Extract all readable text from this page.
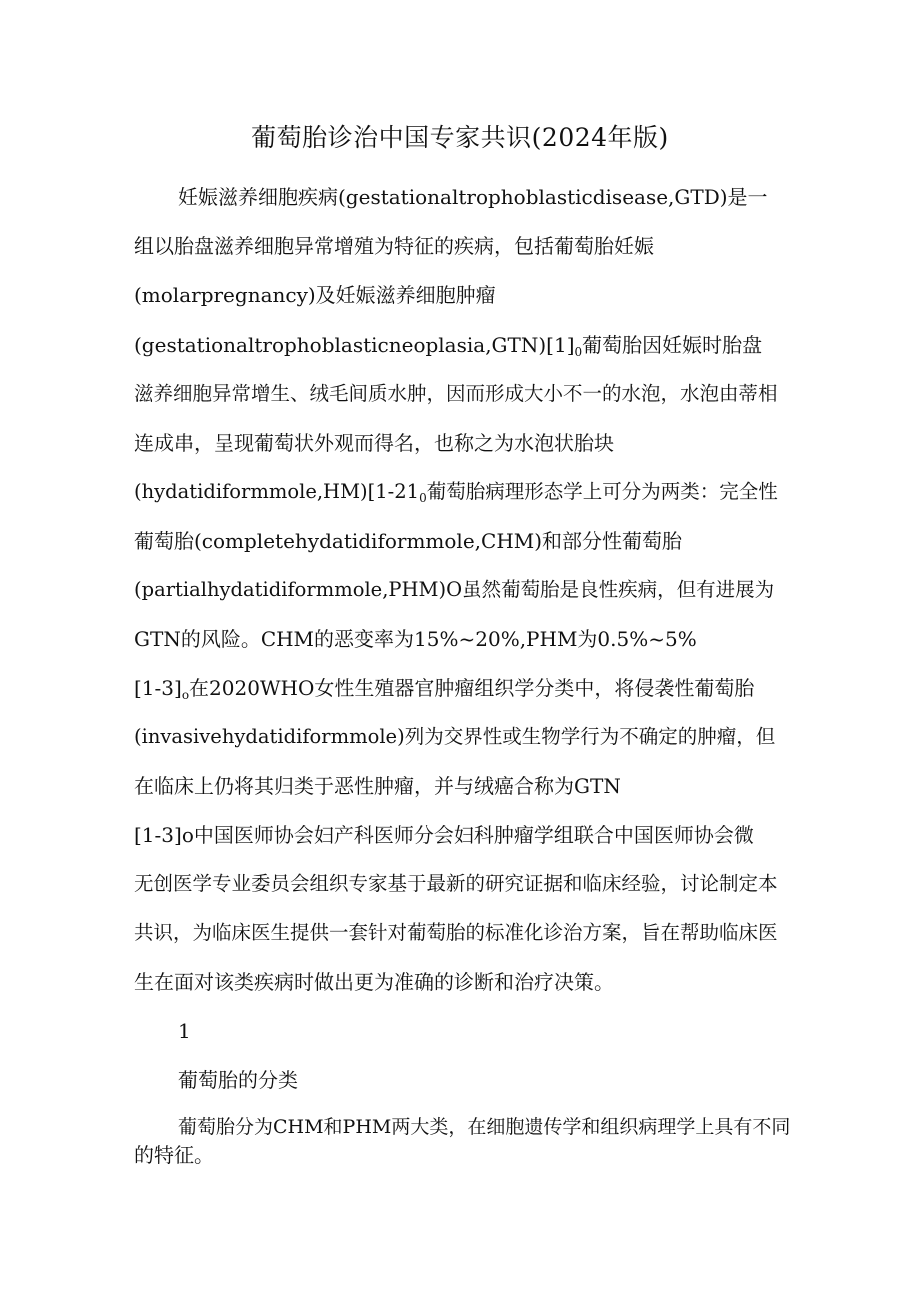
葡萄胎诊治中国专家共识(2024年版)
妊娠滋养细胞疾病(gestationaltrophoblasticdisease,GTD)是一
组以胎盘滋养细胞异常增殖为特征的疾病，包括葡萄胎妊娠
(molarpregnancy)及妊娠滋养细胞肿瘤
$(gestationaltrophoblasticneoplasia,GTN)[1]_0$葡萄胎因妊娠时胎盘
滋养细胞异常增生、绒毛间质水肿，因而形成大小不一的水泡，水泡由蒂相
连成串，呈现葡萄状外观而得名，也称之为水泡状胎块
$(hydatidiformmole,HM)[1-21_0$葡萄胎病理形态学上可分为两类：完全性
葡萄胎(completehydatidiformmole,CHM)和部分性葡萄胎
(partialhydatidiformmole,PHM)O虽然葡萄胎是良性疾病，但有进展为
GTN的风险。CHM的恶变率为15%~20%,PHM为0.5%~5%
$[1-3]_o$在2020WHO女性生殖器官肿瘤组织学分类中，将侵袭性葡萄胎
(invasivehydatidiformmole)列为交界性或生物学行为不确定的肿瘤，但
在临床上仍将其归类于恶性肿瘤，并与绒癌合称为GTN
[1-3]o中国医师协会妇产科医师分会妇科肿瘤学组联合中国医师协会微
无创医学专业委员会组织专家基于最新的研究证据和临床经验，讨论制定本
共识，为临床医生提供一套针对葡萄胎的标准化诊治方案，旨在帮助临床医
生在面对该类疾病时做出更为准确的诊断和治疗决策。
1
葡萄胎的分类
葡萄胎分为CHM和PHM两大类，在细胞遗传学和组织病理学上具有不同
的特征。
